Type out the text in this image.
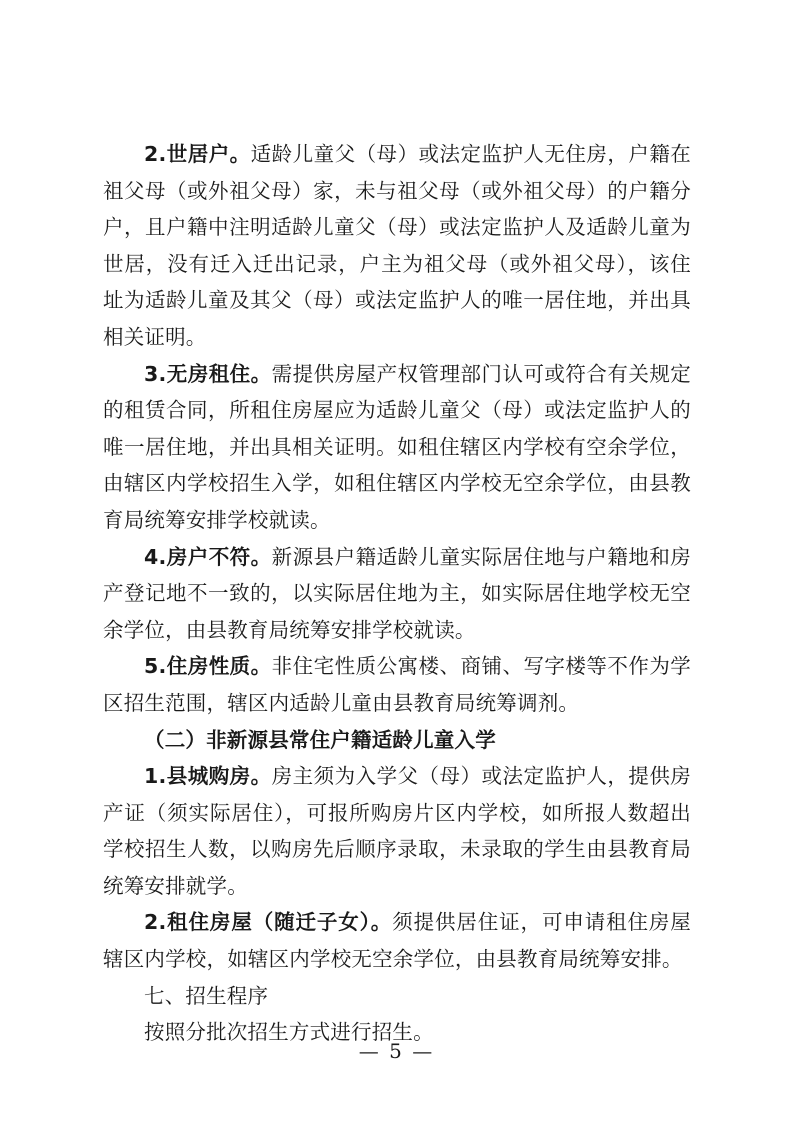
2.世居户。适龄儿童父（母）或法定监护人无住房，户籍在祖父母（或外祖父母）家，未与祖父母（或外祖父母）的户籍分户，且户籍中注明适龄儿童父（母）或法定监护人及适龄儿童为世居，没有迁入迁出记录，户主为祖父母（或外祖父母），该住址为适龄儿童及其父（母）或法定监护人的唯一居住地，并出具相关证明。

3.无房租住。需提供房屋产权管理部门认可或符合有关规定的租赁合同，所租住房屋应为适龄儿童父（母）或法定监护人的唯一居住地，并出具相关证明。如租住辖区内学校有空余学位，由辖区内学校招生入学，如租住辖区内学校无空余学位，由县教育局统筹安排学校就读。

4.房户不符。新源县户籍适龄儿童实际居住地与户籍地和房产登记地不一致的，以实际居住地为主，如实际居住地学校无空余学位，由县教育局统筹安排学校就读。

5.住房性质。非住宅性质公寓楼、商铺、写字楼等不作为学区招生范围，辖区内适龄儿童由县教育局统筹调剂。

（二）非新源县常住户籍适龄儿童入学

1.县城购房。房主须为入学父（母）或法定监护人，提供房产证（须实际居住），可报所购房片区内学校，如所报人数超出学校招生人数，以购房先后顺序录取，未录取的学生由县教育局统筹安排就学。

2.租住房屋（随迁子女）。须提供居住证，可申请租住房屋辖区内学校，如辖区内学校无空余学位，由县教育局统筹安排。

七、招生程序

按照分批次招生方式进行招生。

— 5 —
